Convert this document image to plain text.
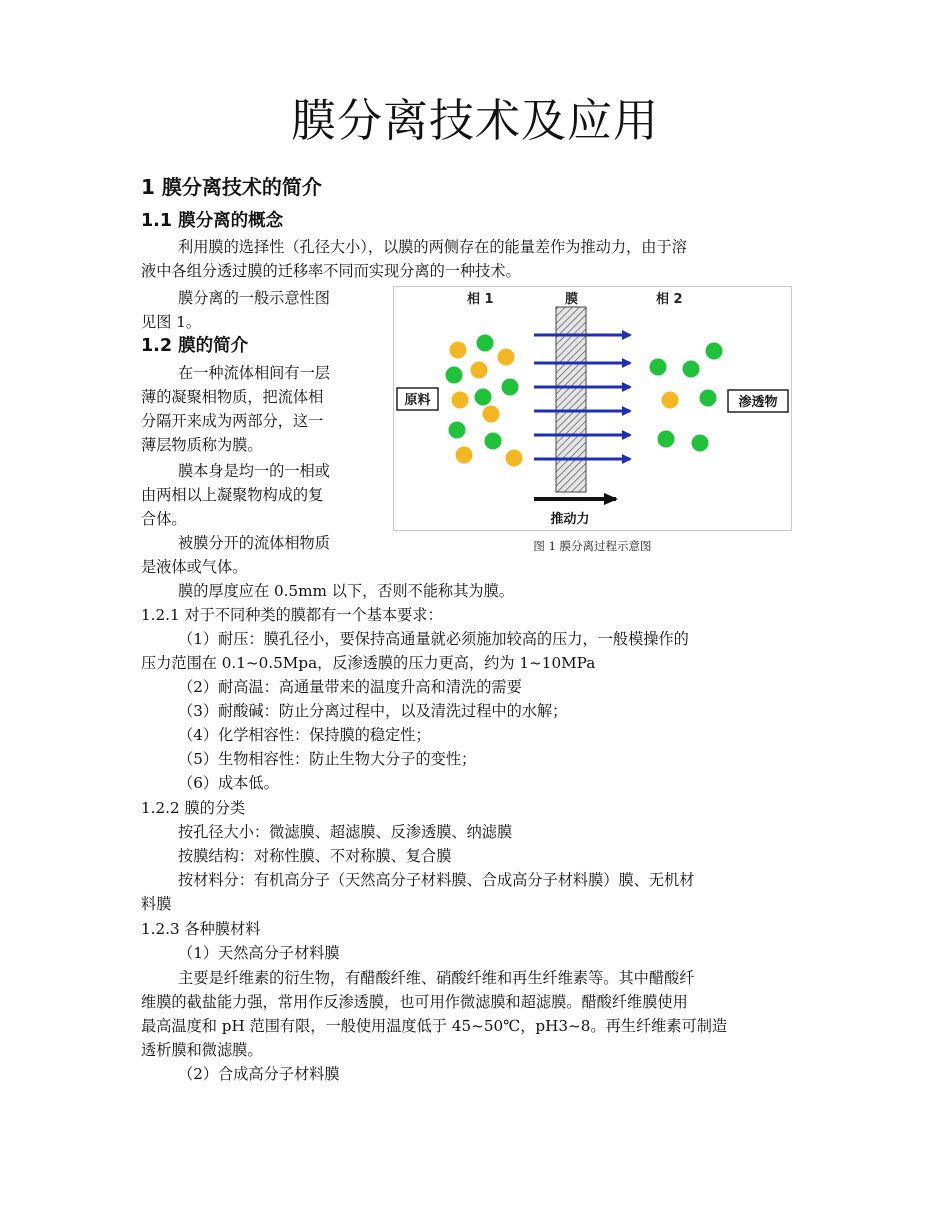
膜分离技术及应用
1 膜分离技术的简介
1.1 膜分离的概念
利用膜的选择性（孔径大小），以膜的两侧存在的能量差作为推动力，由于溶
液中各组分透过膜的迁移率不同而实现分离的一种技术。
膜分离的一般示意性图
见图 1。
1.2 膜的简介
在一种流体相间有一层
薄的凝聚相物质，把流体相
分隔开来成为两部分，这一
薄层物质称为膜。
膜本身是均一的一相或
由两相以上凝聚物构成的复
合体。
被膜分开的流体相物质
是液体或气体。
膜的厚度应在 0.5mm 以下，否则不能称其为膜。
相 1	膜	相 2
原料	渗透物
推动力
图 1 膜分离过程示意图
1.2.1 对于不同种类的膜都有一个基本要求：
（1）耐压：膜孔径小，要保持高通量就必须施加较高的压力，一般模操作的
压力范围在 0.1~0.5Mpa，反渗透膜的压力更高，约为 1~10MPa
（2）耐高温：高通量带来的温度升高和清洗的需要
（3）耐酸碱：防止分离过程中，以及清洗过程中的水解；
（4）化学相容性：保持膜的稳定性；
（5）生物相容性：防止生物大分子的变性；
（6）成本低。
1.2.2 膜的分类
按孔径大小：微滤膜、超滤膜、反渗透膜、纳滤膜
按膜结构：对称性膜、不对称膜、复合膜
按材料分：有机高分子（天然高分子材料膜、合成高分子材料膜）膜、无机材
料膜
1.2.3 各种膜材料
（1）天然高分子材料膜
主要是纤维素的衍生物，有醋酸纤维、硝酸纤维和再生纤维素等。其中醋酸纤
维膜的截盐能力强，常用作反渗透膜，也可用作微滤膜和超滤膜。醋酸纤维膜使用
最高温度和 pH 范围有限，一般使用温度低于 45~50℃，pH3~8。再生纤维素可制造
透析膜和微滤膜。
（2）合成高分子材料膜
